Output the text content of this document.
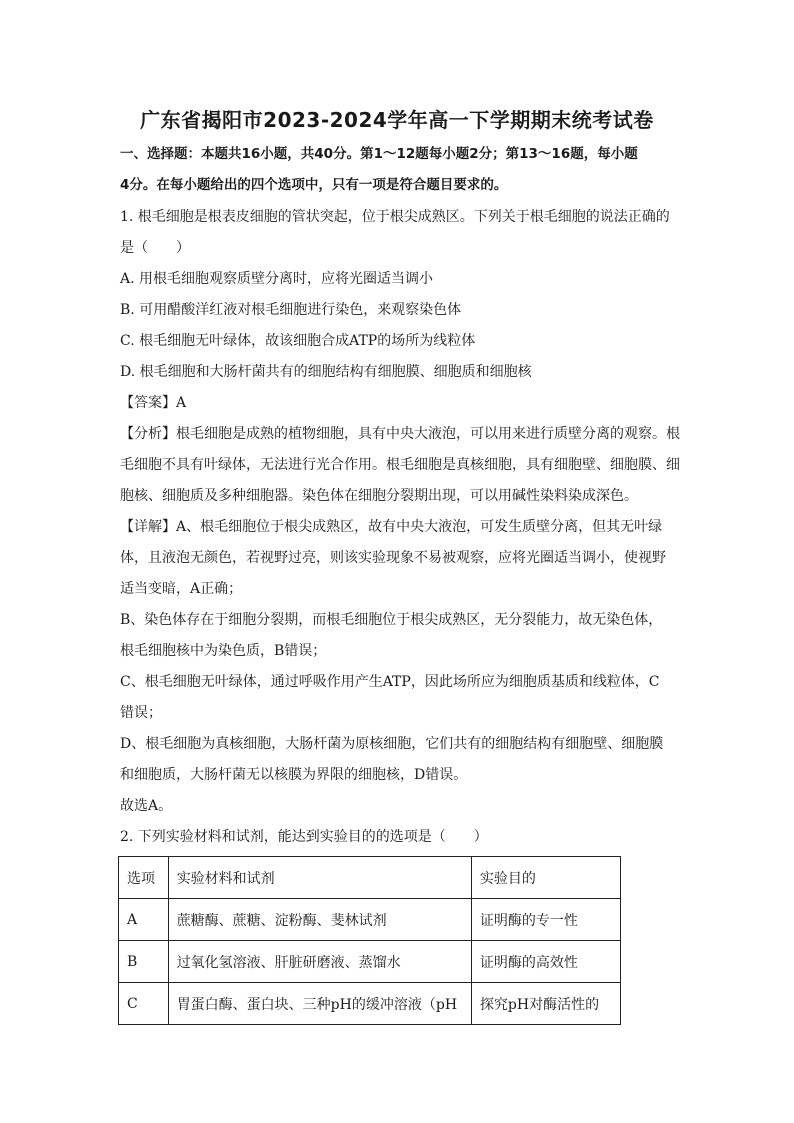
广东省揭阳市2023-2024学年高一下学期期末统考试卷
一、选择题：本题共16小题，共40分。第1～12题每小题2分；第13～16题，每小题
4分。在每小题给出的四个选项中，只有一项是符合题目要求的。
1. 根毛细胞是根表皮细胞的管状突起，位于根尖成熟区。下列关于根毛细胞的说法正确的
是（　　）
A. 用根毛细胞观察质壁分离时，应将光圈适当调小
B. 可用醋酸洋红液对根毛细胞进行染色，来观察染色体
C. 根毛细胞无叶绿体，故该细胞合成ATP的场所为线粒体
D. 根毛细胞和大肠杆菌共有的细胞结构有细胞膜、细胞质和细胞核
【答案】A
【分析】根毛细胞是成熟的植物细胞，具有中央大液泡，可以用来进行质壁分离的观察。根
毛细胞不具有叶绿体，无法进行光合作用。根毛细胞是真核细胞，具有细胞壁、细胞膜、细
胞核、细胞质及多种细胞器。染色体在细胞分裂期出现，可以用碱性染料染成深色。
【详解】A、根毛细胞位于根尖成熟区，故有中央大液泡，可发生质壁分离，但其无叶绿
体，且液泡无颜色，若视野过亮，则该实验现象不易被观察，应将光圈适当调小，使视野
适当变暗，A正确；
B、染色体存在于细胞分裂期，而根毛细胞位于根尖成熟区，无分裂能力，故无染色体，
根毛细胞核中为染色质，B错误；
C、根毛细胞无叶绿体，通过呼吸作用产生ATP，因此场所应为细胞质基质和线粒体，C
错误；
D、根毛细胞为真核细胞，大肠杆菌为原核细胞，它们共有的细胞结构有细胞壁、细胞膜
和细胞质，大肠杆菌无以核膜为界限的细胞核，D错误。
故选A。
2. 下列实验材料和试剂，能达到实验目的的选项是（　　）
选项	实验材料和试剂	实验目的
A	蔗糖酶、蔗糖、淀粉酶、斐林试剂	证明酶的专一性
B	过氧化氢溶液、肝脏研磨液、蒸馏水	证明酶的高效性
C	胃蛋白酶、蛋白块、三种pH的缓冲溶液（pH	探究pH对酶活性的
